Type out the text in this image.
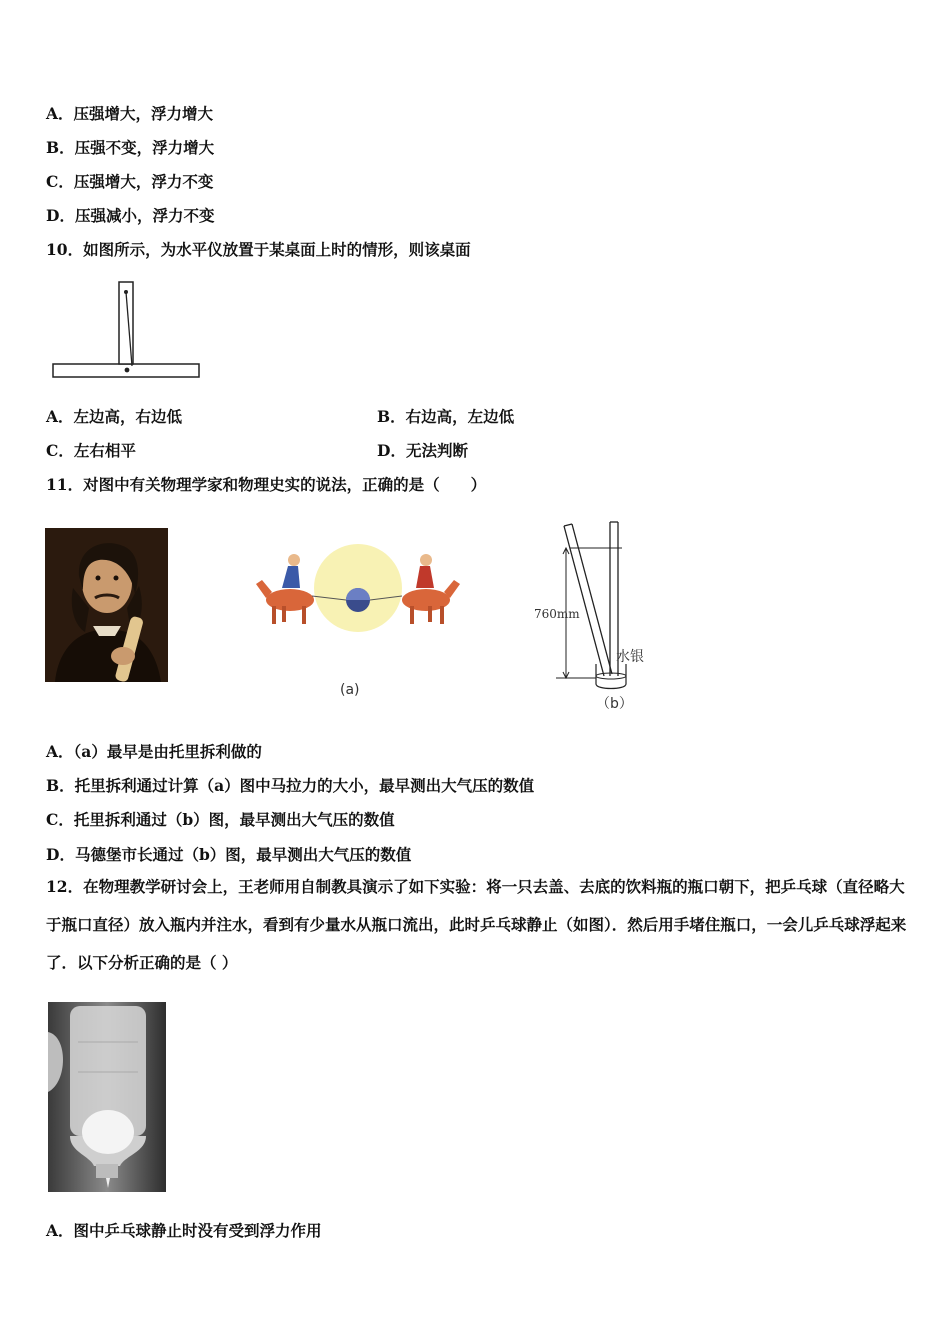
A．压强增大，浮力增大
B．压强不变，浮力增大
C．压强增大，浮力不变
D．压强减小，浮力不变
10．如图所示，为水平仪放置于某桌面上时的情形，则该桌面
A．左边高，右边低	B．右边高，左边低
C．左右相平	D．无法判断
11．对图中有关物理学家和物理史实的说法，正确的是（　　）
(a)
760mm
水银
（b）
A．（a）最早是由托里拆利做的
B．托里拆利通过计算（a）图中马拉力的大小，最早测出大气压的数值
C．托里拆利通过（b）图，最早测出大气压的数值
D．马德堡市长通过（b）图，最早测出大气压的数值
12．在物理教学研讨会上，王老师用自制教具演示了如下实验：将一只去盖、去底的饮料瓶的瓶口朝下，把乒乓球（直径略大于瓶口直径）放入瓶内并注水，看到有少量水从瓶口流出，此时乒乓球静止（如图）．然后用手堵住瓶口，一会儿乒乓球浮起来了．以下分析正确的是（ ）
A．图中乒乓球静止时没有受到浮力作用
